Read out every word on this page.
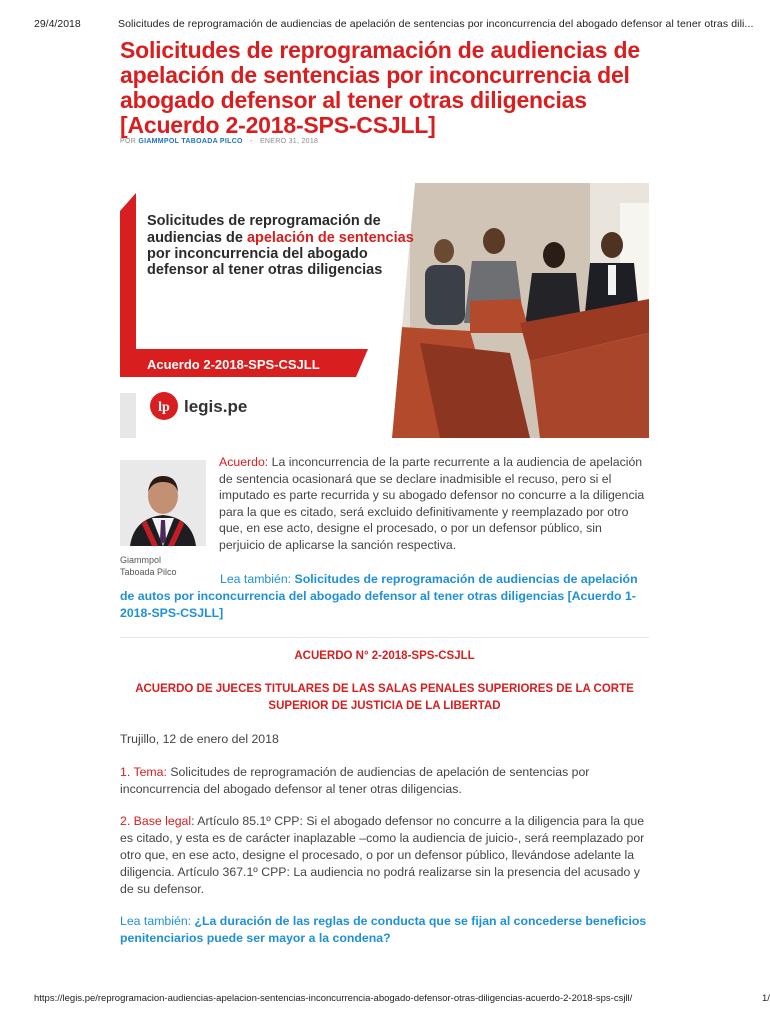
29/4/2018	Solicitudes de reprogramación de audiencias de apelación de sentencias por inconcurrencia del abogado defensor al tener otras dili...
Solicitudes de reprogramación de audiencias de apelación de sentencias por inconcurrencia del abogado defensor al tener otras diligencias [Acuerdo 2-2018-SPS-CSJLL]
POR GIAMMPOL TABOADA PILCO - ENERO 31, 2018
Solicitudes de reprogramación de
audiencias de apelación de sentencias
por inconcurrencia del abogado
defensor al tener otras diligencias
Acuerdo 2-2018-SPS-CSJLL
lp legis.pe
Giammpol
Taboada Pilco

Acuerdo: La inconcurrencia de la parte recurrente a la audiencia de apelación de sentencia ocasionará que se declare inadmisible el recuso, pero si el imputado es parte recurrida y su abogado defensor no concurre a la diligencia para la que es citado, será excluido definitivamente y reemplazado por otro que, en ese acto, designe el procesado, o por un defensor público, sin perjuicio de aplicarse la sanción respectiva.

Lea también: Solicitudes de reprogramación de audiencias de apelación de autos por inconcurrencia del abogado defensor al tener otras diligencias [Acuerdo 1-2018-SPS-CSJLL]

ACUERDO N° 2-2018-SPS-CSJLL

ACUERDO DE JUECES TITULARES DE LAS SALAS PENALES SUPERIORES DE LA CORTE SUPERIOR DE JUSTICIA DE LA LIBERTAD

Trujillo, 12 de enero del 2018

1. Tema: Solicitudes de reprogramación de audiencias de apelación de sentencias por inconcurrencia del abogado defensor al tener otras diligencias.

2. Base legal: Artículo 85.1º CPP: Si el abogado defensor no concurre a la diligencia para la que es citado, y esta es de carácter inaplazable –como la audiencia de juicio-, será reemplazado por otro que, en ese acto, designe el procesado, o por un defensor público, llevándose adelante la diligencia. Artículo 367.1º CPP: La audiencia no podrá realizarse sin la presencia del acusado y de su defensor.

Lea también: ¿La duración de las reglas de conducta que se fijan al concederse beneficios penitenciarios puede ser mayor a la condena?

https://legis.pe/reprogramacion-audiencias-apelacion-sentencias-inconcurrencia-abogado-defensor-otras-diligencias-acuerdo-2-2018-sps-csjll/	1/
